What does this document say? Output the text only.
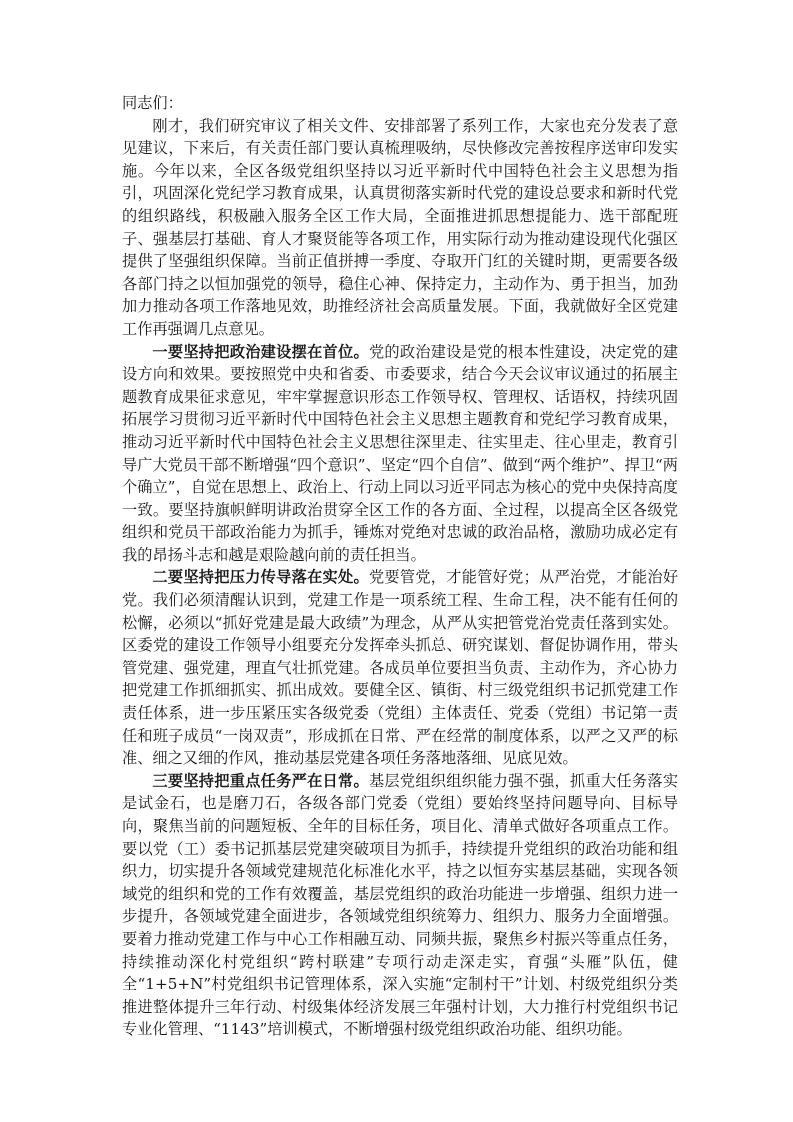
同志们：

刚才，我们研究审议了相关文件、安排部署了系列工作，大家也充分发表了意见建议，下来后，有关责任部门要认真梳理吸纳，尽快修改完善按程序送审印发实施。今年以来，全区各级党组织坚持以习近平新时代中国特色社会主义思想为指引，巩固深化党纪学习教育成果，认真贯彻落实新时代党的建设总要求和新时代党的组织路线，积极融入服务全区工作大局，全面推进抓思想提能力、选干部配班子、强基层打基础、育人才聚贤能等各项工作，用实际行动为推动建设现代化强区提供了坚强组织保障。当前正值拼搏一季度、夺取开门红的关键时期，更需要各级各部门持之以恒加强党的领导，稳住心神、保持定力，主动作为、勇于担当，加劲加力推动各项工作落地见效，助推经济社会高质量发展。下面，我就做好全区党建工作再强调几点意见。

一要坚持把政治建设摆在首位。党的政治建设是党的根本性建设，决定党的建设方向和效果。要按照党中央和省委、市委要求，结合今天会议审议通过的拓展主题教育成果征求意见，牢牢掌握意识形态工作领导权、管理权、话语权，持续巩固拓展学习贯彻习近平新时代中国特色社会主义思想主题教育和党纪学习教育成果，推动习近平新时代中国特色社会主义思想往深里走、往实里走、往心里走，教育引导广大党员干部不断增强“四个意识”、坚定“四个自信”、做到“两个维护”、捍卫“两个确立”，自觉在思想上、政治上、行动上同以习近平同志为核心的党中央保持高度一致。要坚持旗帜鲜明讲政治贯穿全区工作的各方面、全过程，以提高全区各级党组织和党员干部政治能力为抓手，锤炼对党绝对忠诚的政治品格，激励功成必定有我的昂扬斗志和越是艰险越向前的责任担当。

二要坚持把压力传导落在实处。党要管党，才能管好党；从严治党，才能治好党。我们必须清醒认识到，党建工作是一项系统工程、生命工程，决不能有任何的松懈，必须以“抓好党建是最大政绩”为理念，从严从实把管党治党责任落到实处。区委党的建设工作领导小组要充分发挥牵头抓总、研究谋划、督促协调作用，带头管党建、强党建，理直气壮抓党建。各成员单位要担当负责、主动作为，齐心协力把党建工作抓细抓实、抓出成效。要健全区、镇街、村三级党组织书记抓党建工作责任体系，进一步压紧压实各级党委（党组）主体责任、党委（党组）书记第一责任和班子成员“一岗双责”，形成抓在日常、严在经常的制度体系，以严之又严的标准、细之又细的作风，推动基层党建各项任务落地落细、见底见效。

三要坚持把重点任务严在日常。基层党组织组织能力强不强，抓重大任务落实是试金石，也是磨刀石，各级各部门党委（党组）要始终坚持问题导向、目标导向，聚焦当前的问题短板、全年的目标任务，项目化、清单式做好各项重点工作。要以党（工）委书记抓基层党建突破项目为抓手，持续提升党组织的政治功能和组织力，切实提升各领域党建规范化标准化水平，持之以恒夯实基层基础，实现各领域党的组织和党的工作有效覆盖，基层党组织的政治功能进一步增强、组织力进一步提升，各领域党建全面进步，各领域党组织统筹力、组织力、服务力全面增强。要着力推动党建工作与中心工作相融互动、同频共振，聚焦乡村振兴等重点任务，持续推动深化村党组织“跨村联建”专项行动走深走实，育强“头雁”队伍，健全“1+5+N”村党组织书记管理体系，深入实施“定制村干”计划、村级党组织分类推进整体提升三年行动、村级集体经济发展三年强村计划，大力推行村党组织书记专业化管理、“1143”培训模式，不断增强村级党组织政治功能、组织功能。
